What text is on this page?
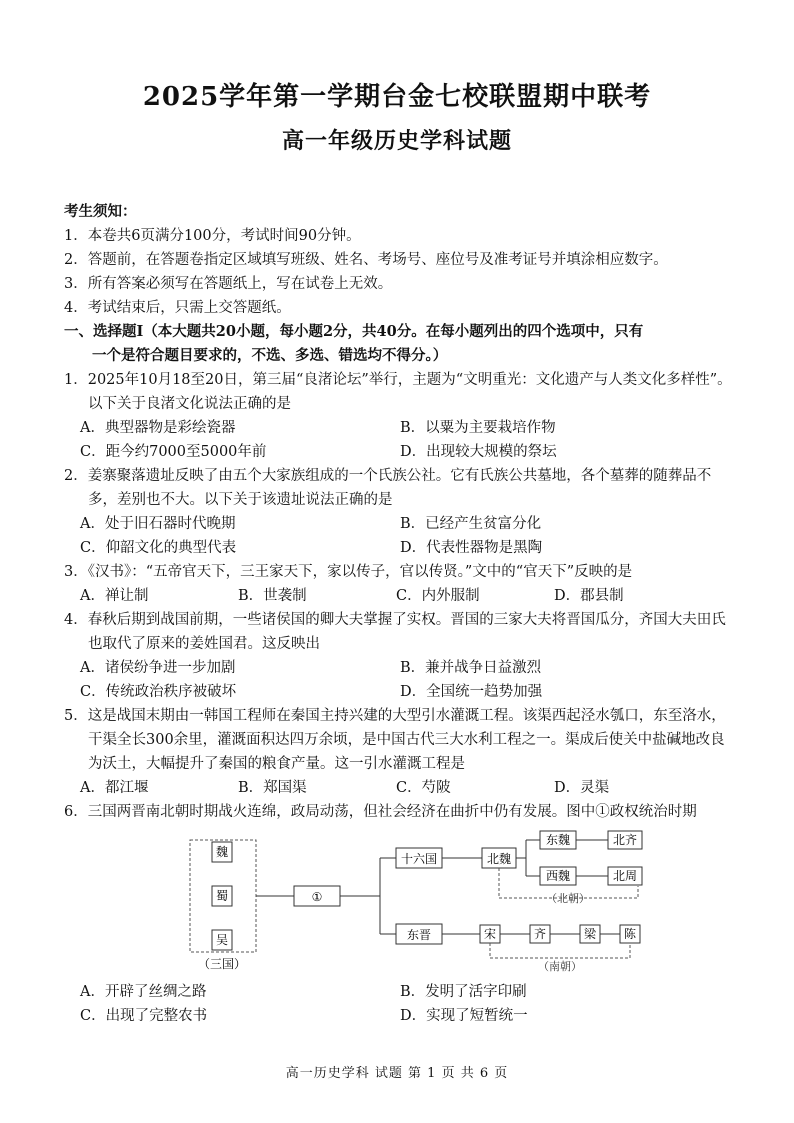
2025学年第一学期台金七校联盟期中联考
高一年级历史学科试题
考生须知：
1．本卷共6页满分100分，考试时间90分钟。
2．答题前，在答题卷指定区域填写班级、姓名、考场号、座位号及准考证号并填涂相应数字。
3．所有答案必须写在答题纸上，写在试卷上无效。
4．考试结束后，只需上交答题纸。
一、选择题Ⅰ（本大题共20小题，每小题2分，共40分。在每小题列出的四个选项中，只有
一个是符合题目要求的，不选、多选、错选均不得分。）
1．2025年10月18至20日，第三届“良渚论坛”举行，主题为“文明重光：文化遗产与人类文化多样性”。以下关于良渚文化说法正确的是
A．典型器物是彩绘瓷器	B．以粟为主要栽培作物
C．距今约7000至5000年前	D．出现较大规模的祭坛
2．姜寨聚落遗址反映了由五个大家族组成的一个氏族公社。它有氏族公共墓地，各个墓葬的随葬品不多，差别也不大。以下关于该遗址说法正确的是
A．处于旧石器时代晚期	B．已经产生贫富分化
C．仰韶文化的典型代表	D．代表性器物是黑陶
3．《汉书》：“五帝官天下，三王家天下，家以传子，官以传贤。”文中的“官天下”反映的是
A．禅让制	B．世袭制	C．内外服制	D．郡县制
4．春秋后期到战国前期，一些诸侯国的卿大夫掌握了实权。晋国的三家大夫将晋国瓜分，齐国大夫田氏也取代了原来的姜姓国君。这反映出
A．诸侯纷争进一步加剧	B．兼并战争日益激烈
C．传统政治秩序被破坏	D．全国统一趋势加强
5．这是战国末期由一韩国工程师在秦国主持兴建的大型引水灌溉工程。该渠西起泾水瓠口，东至洛水，干渠全长300余里，灌溉面积达四万余顷，是中国古代三大水利工程之一。渠成后使关中盐碱地改良为沃土，大幅提升了秦国的粮食产量。这一引水灌溉工程是
A．都江堰	B．郑国渠	C．芍陂	D．灵渠
6．三国两晋南北朝时期战火连绵，政局动荡，但社会经济在曲折中仍有发展。图中①政权统治时期
魏
蜀
吴
（三国）
①
十六国	北魏
东魏	北齐
西魏	北周
（北朝）
东晋	宋	齐	梁 陈
（南朝）
A．开辟了丝绸之路	B．发明了活字印刷
C．出现了完整农书	D．实现了短暂统一
高一历史学科 试题 第 1 页 共 6 页
